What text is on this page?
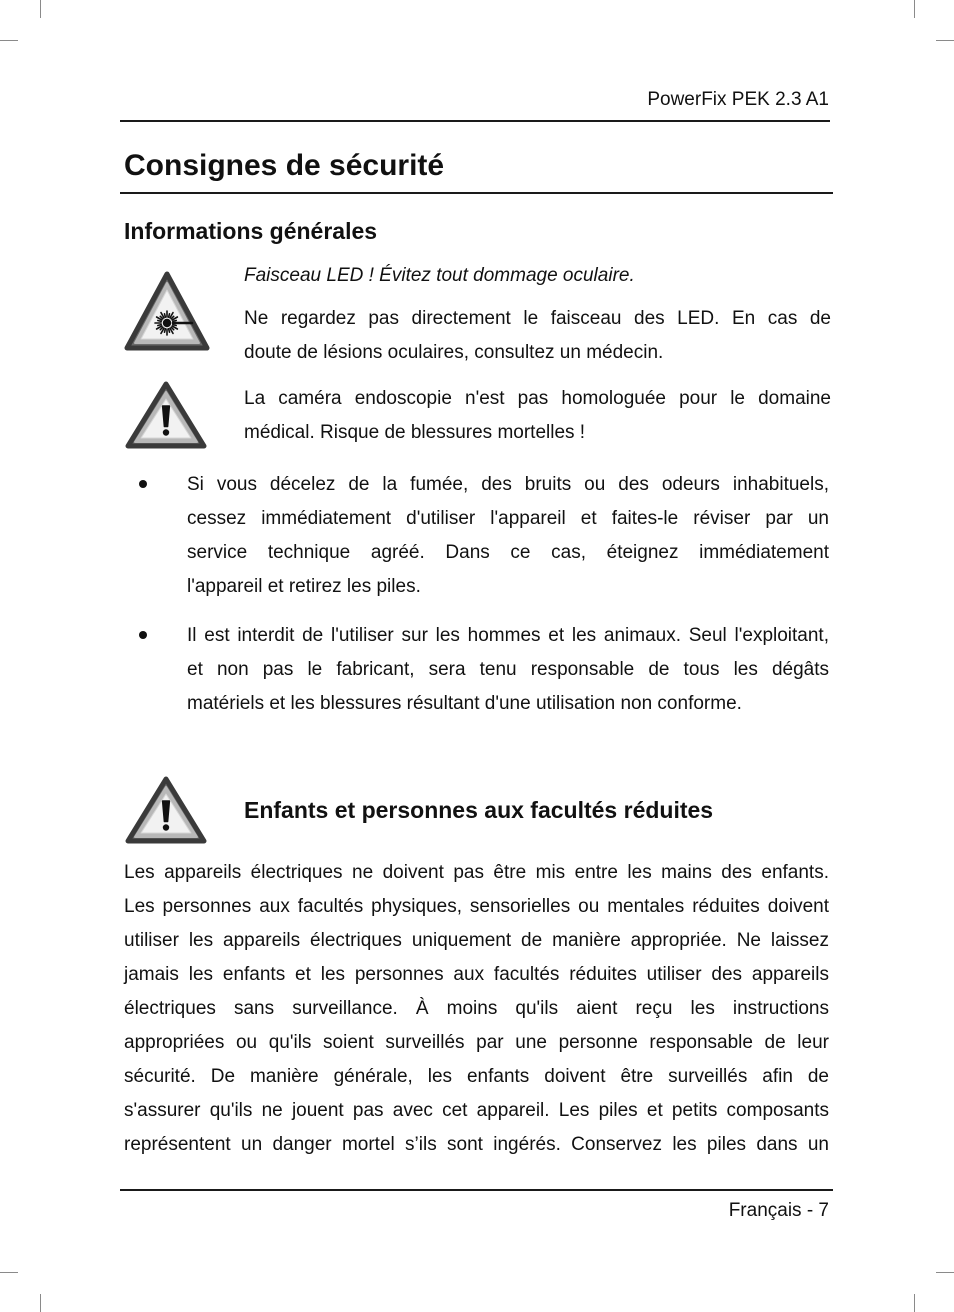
PowerFix PEK 2.3 A1
Consignes de sécurité
Informations générales
Faisceau LED ! Évitez tout dommage oculaire.
Ne regardez pas directement le faisceau des LED. En cas de
doute de lésions oculaires, consultez un médecin.
La caméra endoscopie n'est pas homologuée pour le domaine
médical. Risque de blessures mortelles !
Si vous décelez de la fumée, des bruits ou des odeurs inhabituels,
cessez immédiatement d'utiliser l'appareil et faites-le réviser par un
service technique agréé. Dans ce cas, éteignez immédiatement
l'appareil et retirez les piles.
Il est interdit de l'utiliser sur les hommes et les animaux. Seul l'exploitant,
et non pas le fabricant, sera tenu responsable de tous les dégâts
matériels et les blessures résultant d'une utilisation non conforme.
Enfants et personnes aux facultés réduites
Les appareils électriques ne doivent pas être mis entre les mains des enfants.
Les personnes aux facultés physiques, sensorielles ou mentales réduites doivent
utiliser les appareils électriques uniquement de manière appropriée. Ne laissez
jamais les enfants et les personnes aux facultés réduites utiliser des appareils
électriques sans surveillance. À moins qu'ils aient reçu les instructions
appropriées ou qu'ils soient surveillés par une personne responsable de leur
sécurité. De manière générale, les enfants doivent être surveillés afin de
s'assurer qu'ils ne jouent pas avec cet appareil. Les piles et petits composants
représentent un danger mortel s’ils sont ingérés. Conservez les piles dans un
Français - 7
